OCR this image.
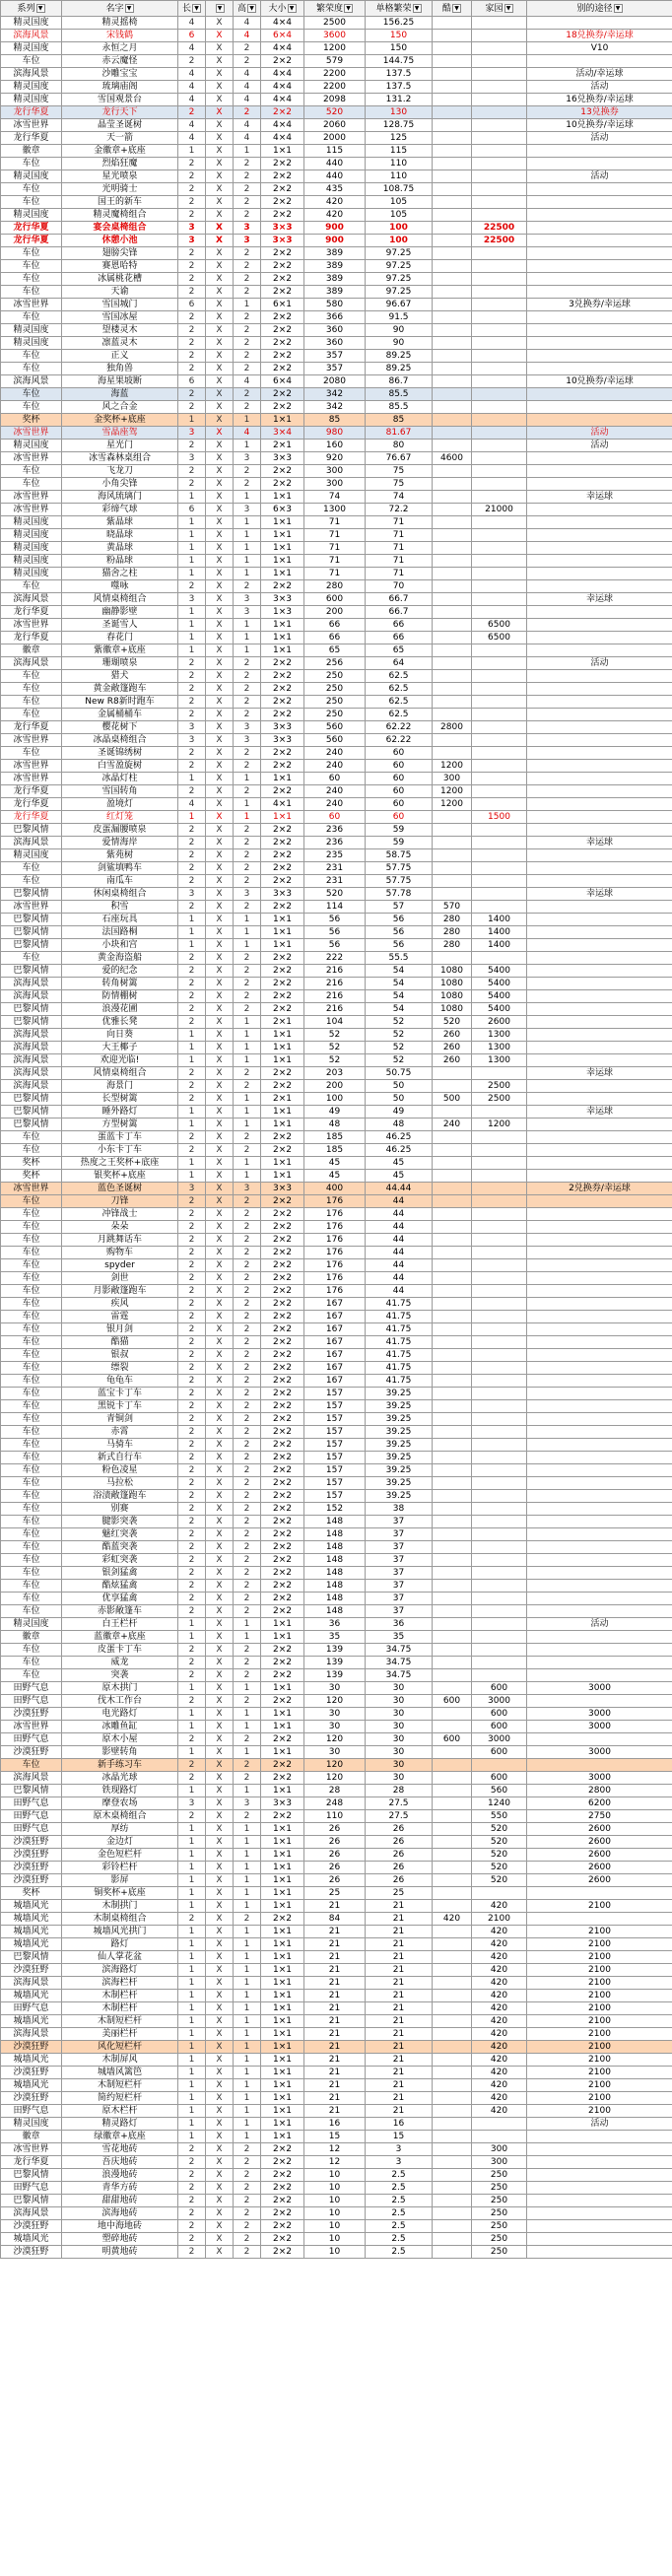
系列 ▼	名字 ▼	长 ▼	▼	高 ▼	大小 ▼	繁荣度 ▼	单格繁荣 ▼	酷 ▼	家园 ▼	别的途径 ▼
精灵国度	精灵摇椅	4	X	4	4×4	2500	156.25			
滨海风景	宋钱鹤	6	X	4	6×4	3600	150			18兑换券/幸运球
精灵国度	永恒之月	4	X	2	4×4	1200	150			V10
车位	赤云魔怪	2	X	2	2×2	579	144.75			
滨海风景	沙雕宝宝	4	X	4	4×4	2200	137.5			活动/幸运球
精灵国度	琉璃庙阁	4	X	4	4×4	2200	137.5			活动
精灵国度	雪国观景台	4	X	4	4×4	2098	131.2			16兑换券/幸运球
龙行华夏	龙行天下	2	X	2	2×2	520	130			13兑换券
冰雪世界	晶莹圣诞树	4	X	4	4×4	2060	128.75			10兑换券/幸运球
龙行华夏	天一箭	4	X	4	4×4	2000	125			活动
徽章	金徽章+底座	1	X	1	1×1	115	115			
车位	烈焰狂魔	2	X	2	2×2	440	110			
精灵国度	星光喷泉	2	X	2	2×2	440	110			活动
车位	光明骑士	2	X	2	2×2	435	108.75			
车位	国王的新车	2	X	2	2×2	420	105			
精灵国度	精灵魔椅组合	2	X	2	2×2	420	105			
龙行华夏	宴会桌椅组合	3	X	3	3×3	900	100		22500	
龙行华夏	休憩小池	3	X	3	3×3	900	100		22500	
车位	翅膀尖锋	2	X	2	2×2	389	97.25			
车位	赛恩哈特	2	X	2	2×2	389	97.25			
车位	冰属桃花槽	2	X	2	2×2	389	97.25			
车位	天谕	2	X	2	2×2	389	97.25			
冰雪世界	雪国城门	6	X	1	6×1	580	96.67			3兑换券/幸运球
车位	雪国冰屋	2	X	2	2×2	366	91.5			
精灵国度	望楼灵木	2	X	2	2×2	360	90			
精灵国度	凛蓝灵木	2	X	2	2×2	360	90			
车位	正义	2	X	2	2×2	357	89.25			
车位	独角兽	2	X	2	2×2	357	89.25			
滨海风景	海星果坡断	6	X	4	6×4	2080	86.7			10兑换券/幸运球
车位	海蓝	2	X	2	2×2	342	85.5			
车位	风之合金	2	X	2	2×2	342	85.5			
奖杯	金奖杯+底座	1	X	1	1×1	85	85			
冰雪世界	雪晶座驾	3	X	4	3×4	980	81.67			活动
精灵国度	星光门	2	X	1	2×1	160	80			活动
冰雪世界	冰雪森林桌组合	3	X	3	3×3	920	76.67	4600		
车位	飞龙刀	2	X	2	2×2	300	75			
车位	小角尖锋	2	X	2	2×2	300	75			
冰雪世界	海风琉璃门	1	X	1	1×1	74	74			幸运球
冰雪世界	彩缔气球	6	X	3	6×3	1300	72.2		21000	
精灵国度	紫晶球	1	X	1	1×1	71	71			
精灵国度	晓晶球	1	X	1	1×1	71	71			
精灵国度	黄晶球	1	X	1	1×1	71	71			
精灵国度	粉晶球	1	X	1	1×1	71	71			
精灵国度	猫舍之柱	1	X	1	1×1	71	71			
车位	噬咏	2	X	2	2×2	280	70			
滨海风景	风情桌椅组合	3	X	3	3×3	600	66.7			幸运球
龙行华夏	幽静影壁	1	X	3	1×3	200	66.7			
冰雪世界	圣诞雪人	1	X	1	1×1	66	66		6500	
龙行华夏	春花门	1	X	1	1×1	66	66		6500	
徽章	紫徽章+底座	1	X	1	1×1	65	65			
滨海风景	珊瑚喷泉	2	X	2	2×2	256	64			活动
车位	猎犬	2	X	2	2×2	250	62.5			
车位	黄金敞篷跑车	2	X	2	2×2	250	62.5			
车位	New R8新时跑车	2	X	2	2×2	250	62.5			
车位	金属桶桶车	2	X	2	2×2	250	62.5			
龙行华夏	樱花树下	3	X	3	3×3	560	62.22	2800		
冰雪世界	冰晶桌椅组合	3	X	3	3×3	560	62.22			
车位	圣诞锦绣树	2	X	2	2×2	240	60			
冰雪世界	白雪盈旋树	2	X	2	2×2	240	60	1200		
冰雪世界	冰晶灯柱	1	X	1	1×1	60	60	300		
龙行华夏	雪国转角	2	X	2	2×2	240	60	1200		
龙行华夏	盈境灯	4	X	1	4×1	240	60	1200		
龙行华夏	红灯笼	1	X	1	1×1	60	60		1500	
巴黎风情	皮蛋漏腰喷泉	2	X	2	2×2	236	59			
滨海风景	爱情海岸	2	X	2	2×2	236	59			幸运球
精灵国度	紫苑树	2	X	2	2×2	235	58.75			
车位	剑鲨填鸭车	2	X	2	2×2	231	57.75			
车位	南瓜车	2	X	2	2×2	231	57.75			
巴黎风情	休闲桌椅组合	3	X	3	3×3	520	57.78			幸运球
冰雪世界	积雪	2	X	2	2×2	114	57	570		
巴黎风情	石座玩具	1	X	1	1×1	56	56	280	1400	
巴黎风情	法国路桐	1	X	1	1×1	56	56	280	1400	
巴黎风情	小块和宫	1	X	1	1×1	56	56	280	1400	
车位	黄金海盗船	2	X	2	2×2	222	55.5			
巴黎风情	爱的纪念	2	X	2	2×2	216	54	1080	5400	
滨海风景	转角树篱	2	X	2	2×2	216	54	1080	5400	
滨海风景	防情棚树	2	X	2	2×2	216	54	1080	5400	
巴黎风情	浪漫花圃	2	X	2	2×2	216	54	1080	5400	
巴黎风情	优雅长凳	2	X	1	2×1	104	52	520	2600	
滨海风景	向日葵	1	X	1	1×1	52	52	260	1300	
滨海风景	大王椰子	1	X	1	1×1	52	52	260	1300	
滨海风景	欢迎光临!	1	X	1	1×1	52	52	260	1300	
滨海风景	风情桌椅组合	2	X	2	2×2	203	50.75			幸运球
滨海风景	海景门	2	X	2	2×2	200	50		2500	
巴黎风情	长型树篱	2	X	1	2×1	100	50	500	2500	
巴黎风情	睡外路灯	1	X	1	1×1	49	49			幸运球
巴黎风情	方型树篱	1	X	1	1×1	48	48	240	1200	
车位	蛋蓝卡丁车	2	X	2	2×2	185	46.25			
车位	小东卡丁车	2	X	2	2×2	185	46.25			
奖杯	热度之王奖杯+底座	1	X	1	1×1	45	45			
奖杯	银奖杯+底座	1	X	1	1×1	45	45			
冰雪世界	蓝色圣诞树	3	X	3	3×3	400	44.44			2兑换券/幸运球
车位	刀锋	2	X	2	2×2	176	44			
车位	冲锋战士	2	X	2	2×2	176	44			
车位	朵朵	2	X	2	2×2	176	44			
车位	月跳舞话车	2	X	2	2×2	176	44			
车位	购物车	2	X	2	2×2	176	44			
车位	spyder	2	X	2	2×2	176	44			
车位	剑世	2	X	2	2×2	176	44			
车位	月影敞篷跑车	2	X	2	2×2	176	44			
车位	疾风	2	X	2	2×2	167	41.75			
车位	雷霆	2	X	2	2×2	167	41.75			
车位	银月剑	2	X	2	2×2	167	41.75			
车位	酷猫	2	X	2	2×2	167	41.75			
车位	银叔	2	X	2	2×2	167	41.75			
车位	缥裂	2	X	2	2×2	167	41.75			
车位	龟龟车	2	X	2	2×2	167	41.75			
车位	蓝宝卡丁车	2	X	2	2×2	157	39.25			
车位	黑锐卡丁车	2	X	2	2×2	157	39.25			
车位	青铜剑	2	X	2	2×2	157	39.25			
车位	赤霄	2	X	2	2×2	157	39.25			
车位	马骑车	2	X	2	2×2	157	39.25			
车位	新式自行车	2	X	2	2×2	157	39.25			
车位	粉色凌星	2	X	2	2×2	157	39.25			
车位	马拉松	2	X	2	2×2	157	39.25			
车位	浴渍敞篷跑车	2	X	2	2×2	157	39.25			
车位	别赛	2	X	2	2×2	152	38			
车位	腱影突袭	2	X	2	2×2	148	37			
车位	魅红突袭	2	X	2	2×2	148	37			
车位	酷蓝突袭	2	X	2	2×2	148	37			
车位	彩虹突袭	2	X	2	2×2	148	37			
车位	银剑猛禽	2	X	2	2×2	148	37			
车位	酷炫猛禽	2	X	2	2×2	148	37			
车位	优享猛禽	2	X	2	2×2	148	37			
车位	赤影敞篷车	2	X	2	2×2	148	37			
精灵国度	白王栏杆	1	X	1	1×1	36	36			活动
徽章	蓝徽章+底座	1	X	1	1×1	35	35			
车位	皮蛋卡丁车	2	X	2	2×2	139	34.75			
车位	威龙	2	X	2	2×2	139	34.75			
车位	突袭	2	X	2	2×2	139	34.75			
田野气息	原木拱门	1	X	1	1×1	30	30		600	3000
田野气息	伐木工作台	2	X	2	2×2	120	30	600	3000	
沙漠狂野	电光路灯	1	X	1	1×1	30	30		600	3000
冰雪世界	冰雕鱼缸	1	X	1	1×1	30	30		600	3000
田野气息	原木小屋	2	X	2	2×2	120	30	600	3000	
沙漠狂野	影壁转角	1	X	1	1×1	30	30		600	3000
车位	新手练习车	2	X	2	2×2	120	30			
滨海风景	冰晶光球	2	X	2	2×2	120	30		600	3000
巴黎风情	铁现路灯	1	X	1	1×1	28	28		560	2800
田野气息	摩登农场	3	X	3	3×3	248	27.5		1240	6200
田野气息	原木桌椅组合	2	X	2	2×2	110	27.5		550	2750
田野气息	厚纺	1	X	1	1×1	26	26		520	2600
沙漠狂野	金边灯	1	X	1	1×1	26	26		520	2600
沙漠狂野	金色短栏杆	1	X	1	1×1	26	26		520	2600
沙漠狂野	彩铃栏杆	1	X	1	1×1	26	26		520	2600
沙漠狂野	影屏	1	X	1	1×1	26	26		520	2600
奖杯	铜奖杯+底座	1	X	1	1×1	25	25			
城墙风光	木制拱门	1	X	1	1×1	21	21		420	2100
城墙风光	木制桌椅组合	2	X	2	2×2	84	21	420	2100	
城墙风光	城墙风光拱门	1	X	1	1×1	21	21		420	2100
城墙风光	路灯	1	X	1	1×1	21	21		420	2100
巴黎风情	仙人掌花盆	1	X	1	1×1	21	21		420	2100
沙漠狂野	滨海路灯	1	X	1	1×1	21	21		420	2100
滨海风景	滨海栏杆	1	X	1	1×1	21	21		420	2100
城墙风光	木制栏杆	1	X	1	1×1	21	21		420	2100
田野气息	木制栏杆	1	X	1	1×1	21	21		420	2100
城墙风光	木制短栏杆	1	X	1	1×1	21	21		420	2100
滨海风景	美丽栏杆	1	X	1	1×1	21	21		420	2100
沙漠狂野	风化短栏杆	1	X	1	1×1	21	21		420	2100
城墙风光	木制屏风	1	X	1	1×1	21	21		420	2100
沙漠狂野	城墙风篱笆	1	X	1	1×1	21	21		420	2100
城墙风光	木制短栏杆	1	X	1	1×1	21	21		420	2100
沙漠狂野	简约短栏杆	1	X	1	1×1	21	21		420	2100
田野气息	原木栏杆	1	X	1	1×1	21	21		420	2100
精灵国度	精灵路灯	1	X	1	1×1	16	16			活动
徽章	绿徽章+底座	1	X	1	1×1	15	15			
冰雪世界	雪花地砖	2	X	2	2×2	12	3		300	
龙行华夏	吾庆地砖	2	X	2	2×2	12	3		300	
巴黎风情	浪漫地砖	2	X	2	2×2	10	2.5		250	
田野气息	青华方砖	2	X	2	2×2	10	2.5		250	
巴黎风情	甜甜地砖	2	X	2	2×2	10	2.5		250	
滨海风景	滨海地砖	2	X	2	2×2	10	2.5		250	
沙漠狂野	地中海地砖	2	X	2	2×2	10	2.5		250	
城墙风光	塑碎地砖	2	X	2	2×2	10	2.5		250	
沙漠狂野	明黄地砖	2	X	2	2×2	10	2.5		250	
